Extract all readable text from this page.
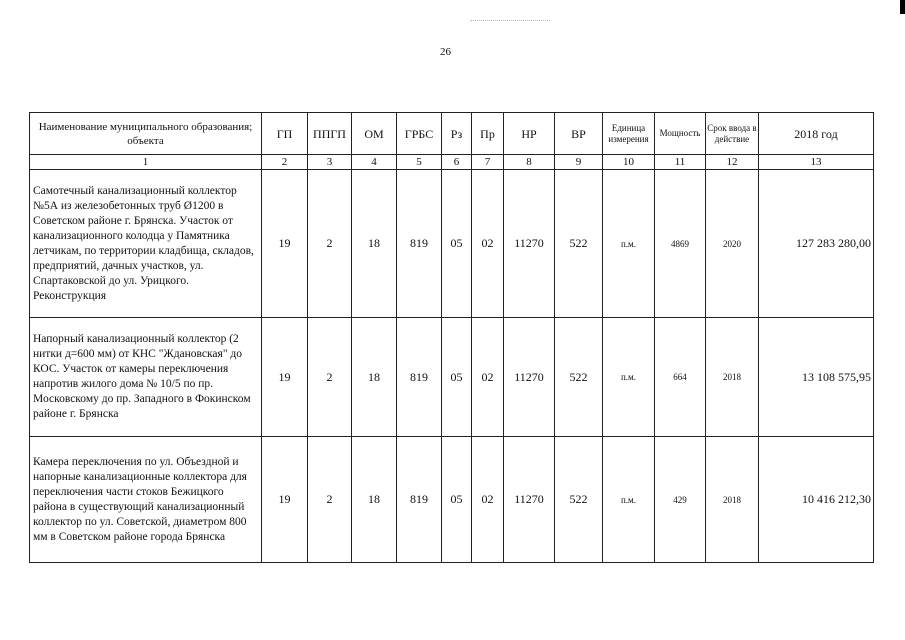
26
Наименование муниципального образования; объекта	ГП	ППГП	ОМ	ГРБС	Рз	Пр	НР	ВР	Единица измерения	Мощность	Срок ввода в действие	2018 год
1	2	3	4	5	6	7	8	9	10	11	12	13
Самотечный канализационный коллектор №5А из железобетонных труб Ø1200 в Советском районе г. Брянска. Участок от канализационного колодца у Памятника летчикам, по территории кладбища, складов, предприятий, дачных участков, ул. Спартаковской до ул. Урицкого. Реконструкция	19	2	18	819	05	02	11270	522	п.м.	4869	2020	127 283 280,00
Напорный канализационный коллектор (2 нитки д=600 мм) от КНС "Ждановская" до КОС. Участок от камеры переключения напротив жилого дома № 10/5 по пр. Московскому до пр. Западного в Фокинском районе г. Брянска	19	2	18	819	05	02	11270	522	п.м.	664	2018	13 108 575,95
Камера переключения по ул. Объездной и напорные канализационные коллектора для переключения части стоков Бежицкого района в существующий канализационный коллектор по ул. Советской, диаметром 800 мм в Советском районе города Брянска	19	2	18	819	05	02	11270	522	п.м.	429	2018	10 416 212,30
